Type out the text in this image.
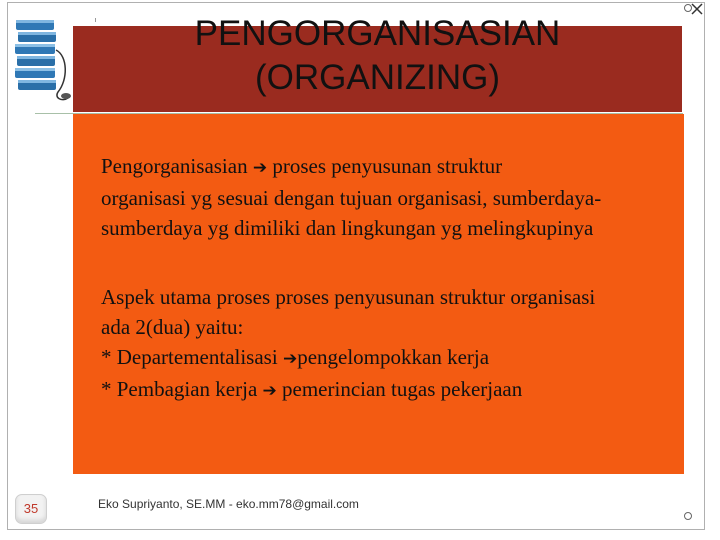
PENGORGANISASIAN
(ORGANIZING)
Pengorganisasian ➔ proses penyusunan struktur
organisasi yg sesuai dengan tujuan organisasi, sumberdaya-
sumberdaya yg dimiliki dan lingkungan yg melingkupinya
Aspek utama proses proses penyusunan struktur organisasi
ada 2(dua) yaitu:
* Departementalisasi ➔pengelompokkan kerja
* Pembagian kerja ➔ pemerincian tugas pekerjaan
35	Eko Supriyanto, SE.MM - eko.mm78@gmail.com
